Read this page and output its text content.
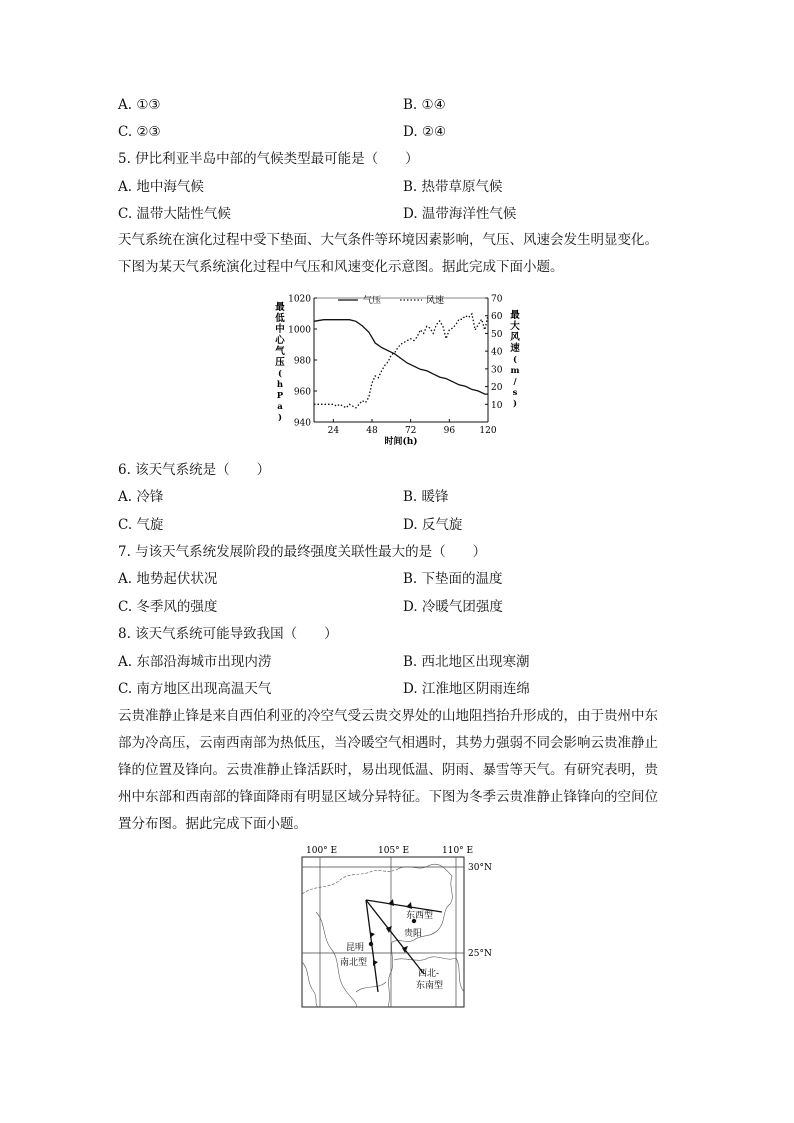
A. ①③	B. ①④
C. ②③	D. ②④
5. 伊比利亚半岛中部的气候类型最可能是（　　）
A. 地中海气候	B. 热带草原气候
C. 温带大陆性气候	D. 温带海洋性气候
天气系统在演化过程中受下垫面、大气条件等环境因素影响，气压、风速会发生明显变化。
下图为某天气系统演化过程中气压和风速变化示意图。据此完成下面小题。
1020
1000
980
960
940
70
60
50
40
30
20
10
24	48	72	96	120
时间(h)
最低中心气压( h P a )
最大风速( m / s )
气压	风速
6. 该天气系统是（　　）
A. 冷锋	B. 暖锋
C. 气旋	D. 反气旋
7. 与该天气系统发展阶段的最终强度关联性最大的是（　　）
A. 地势起伏状况	B. 下垫面的温度
C. 冬季风的强度	D. 冷暖气团强度
8. 该天气系统可能导致我国（　　）
A. 东部沿海城市出现内涝	B. 西北地区出现寒潮
C. 南方地区出现高温天气	D. 江淮地区阴雨连绵
云贵准静止锋是来自西伯利亚的冷空气受云贵交界处的山地阻挡抬升形成的，由于贵州中东
部为冷高压，云南西南部为热低压，当冷暖空气相遇时，其势力强弱不同会影响云贵准静止
锋的位置及锋向。云贵准静止锋活跃时，易出现低温、阴雨、暴雪等天气。有研究表明，贵
州中东部和西南部的锋面降雨有明显区域分异特征。下图为冬季云贵准静止锋锋向的空间位
置分布图。据此完成下面小题。
100° E	105° E	110° E
30°N
25°N
东西型
贵阳
昆明
南北型
西北-
东南型
